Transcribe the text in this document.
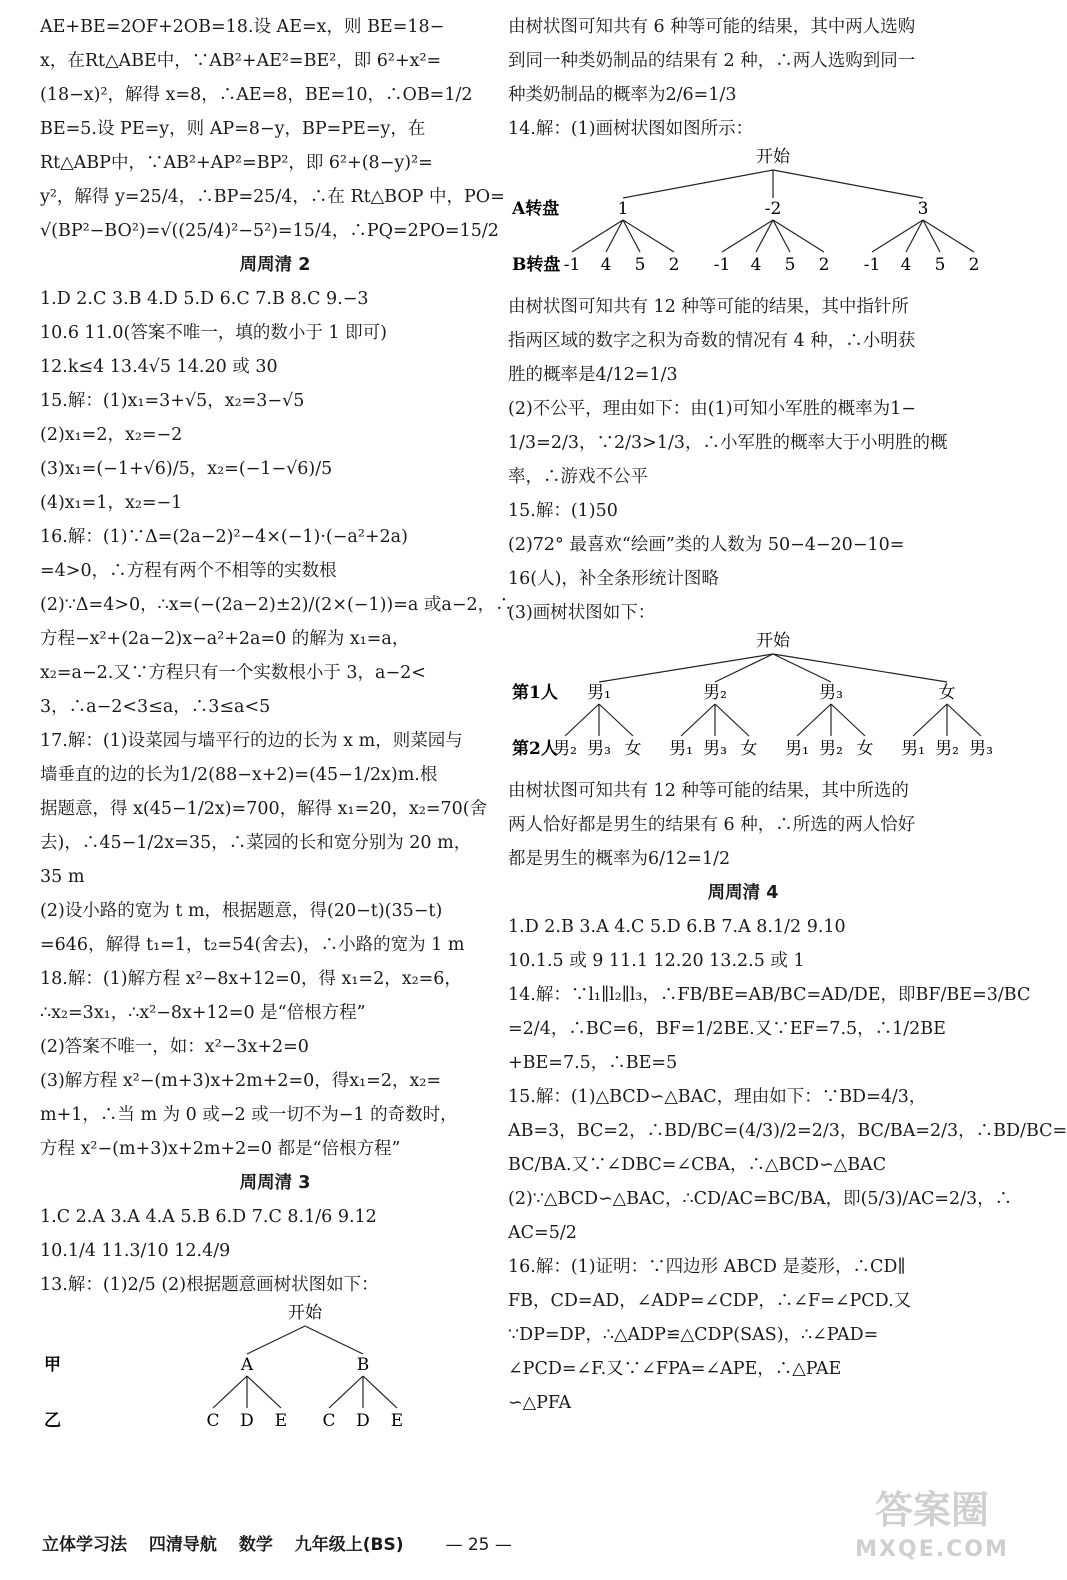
AE+BE=2OF+2OB=18.设 AE=x，则 BE=18−
x，在Rt△ABE中，∵AB²+AE²=BE²，即 6²+x²=
(18−x)²，解得 x=8，∴AE=8，BE=10，∴OB=1/2
BE=5.设 PE=y，则 AP=8−y，BP=PE=y，在
Rt△ABP中，∵AB²+AP²=BP²，即 6²+(8−y)²=
y²，解得 y=25/4，∴BP=25/4，∴在 Rt△BOP 中，PO=
√(BP²−BO²)=√((25/4)²−5²)=15/4，∴PQ=2PO=15/2
周周清 2
1.D 2.C 3.B 4.D 5.D 6.C 7.B 8.C 9.−3
10.6 11.0(答案不唯一，填的数小于 1 即可)
12.k≤4 13.4√5 14.20 或 30
15.解：(1)x₁=3+√5，x₂=3−√5
(2)x₁=2，x₂=−2
(3)x₁=(−1+√6)/5，x₂=(−1−√6)/5
(4)x₁=1，x₂=−1
16.解：(1)∵Δ=(2a−2)²−4×(−1)·(−a²+2a)
=4>0，∴方程有两个不相等的实数根
(2)∵Δ=4>0，∴x=(−(2a−2)±2)/(2×(−1))=a 或a−2，∴
方程−x²+(2a−2)x−a²+2a=0 的解为 x₁=a，
x₂=a−2.又∵方程只有一个实数根小于 3，a−2<
3，∴a−2<3≤a，∴3≤a<5
17.解：(1)设菜园与墙平行的边的长为 x m，则菜园与
墙垂直的边的长为1/2(88−x+2)=(45−1/2x)m.根
据题意，得 x(45−1/2x)=700，解得 x₁=20，x₂=70(舍
去)，∴45−1/2x=35，∴菜园的长和宽分别为 20 m，
35 m
(2)设小路的宽为 t m，根据题意，得(20−t)(35−t)
=646，解得 t₁=1，t₂=54(舍去)，∴小路的宽为 1 m
18.解：(1)解方程 x²−8x+12=0，得 x₁=2，x₂=6，
∴x₂=3x₁，∴x²−8x+12=0 是“倍根方程”
(2)答案不唯一，如：x²−3x+2=0
(3)解方程 x²−(m+3)x+2m+2=0，得x₁=2，x₂=
m+1，∴当 m 为 0 或−2 或一切不为−1 的奇数时，
方程 x²−(m+3)x+2m+2=0 都是“倍根方程”
周周清 3
1.C 2.A 3.A 4.A 5.B 6.D 7.C 8.1/6 9.12
10.1/4 11.3/10 12.4/9
13.解：(1)2/5 (2)根据题意画树状图如下：
开始
甲
乙
A
C D E
B
C D E
由树状图可知共有 6 种等可能的结果，其中两人选购
到同一种类奶制品的结果有 2 种，∴两人选购到同一
种类奶制品的概率为2/6=1/3
14.解：(1)画树状图如图所示：
开始
A转盘
B转盘
1
-1 4 5 2
-2
-1 4 5 2
3
-1 4 5 2
由树状图可知共有 12 种等可能的结果，其中指针所
指两区域的数字之积为奇数的情况有 4 种，∴小明获
胜的概率是4/12=1/3
(2)不公平，理由如下：由(1)可知小军胜的概率为1−
1/3=2/3，∵2/3>1/3，∴小军胜的概率大于小明胜的概
率，∴游戏不公平
15.解：(1)50
(2)72° 最喜欢“绘画”类的人数为 50−4−20−10=
16(人)，补全条形统计图略
(3)画树状图如下：
开始
第1人
第2人
男₁
男₂ 男₃ 女
男₂
男₁ 男₃ 女
男₃
男₁ 男₂ 女
女
男₁ 男₂ 男₃
由树状图可知共有 12 种等可能的结果，其中所选的
两人恰好都是男生的结果有 6 种，∴所选的两人恰好
都是男生的概率为6/12=1/2
周周清 4
1.D 2.B 3.A 4.C 5.D 6.B 7.A 8.1/2 9.10
10.1.5 或 9 11.1 12.20 13.2.5 或 1
14.解：∵l₁∥l₂∥l₃，∴FB/BE=AB/BC=AD/DE，即BF/BE=3/BC
=2/4，∴BC=6，BF=1/2BE.又∵EF=7.5，∴1/2BE
+BE=7.5，∴BE=5
15.解：(1)△BCD∽△BAC，理由如下：∵BD=4/3，
AB=3，BC=2，∴BD/BC=(4/3)/2=2/3，BC/BA=2/3，∴BD/BC=
BC/BA.又∵∠DBC=∠CBA，∴△BCD∽△BAC
(2)∵△BCD∽△BAC，∴CD/AC=BC/BA，即(5/3)/AC=2/3，∴
AC=5/2
16.解：(1)证明：∵四边形 ABCD 是菱形，∴CD∥
FB，CD=AD，∠ADP=∠CDP，∴∠F=∠PCD.又
∵DP=DP，∴△ADP≌△CDP(SAS)，∴∠PAD=
∠PCD=∠F.又∵∠FPA=∠APE，∴△PAE
∽△PFA
立体学习法 四清导航 数学 九年级上(BS) — 25 —
答案圈
MXQE.COM
